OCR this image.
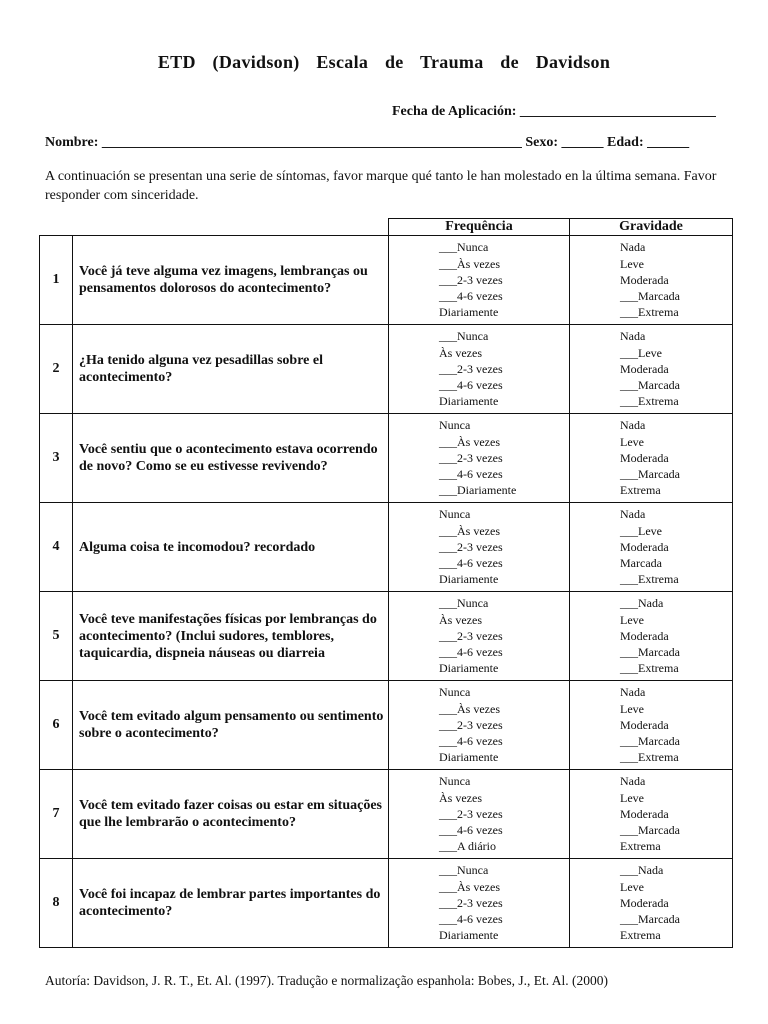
ETD (Davidson) Escala de Trauma de Davidson
Fecha de Aplicación: ____________________________
Nombre: ____________________________________________________________ Sexo: ______ Edad: ______
A continuación se presentan una serie de síntomas, favor marque qué tanto le han molestado en la última semana. Favor responder com sinceridade.
		Frequência	Gravidade
1	Você já teve alguma vez imagens, lembranças ou pensamentos dolorosos do acontecimento?	___Nunca
___Às vezes
___2-3 vezes
___4-6 vezes
Diariamente	Nada
Leve
Moderada
___Marcada
___Extrema

2	¿Ha tenido alguna vez pesadillas sobre el acontecimento?	___Nunca
Às vezes
___2-3 vezes
___4-6 vezes
Diariamente	Nada
___Leve
Moderada
___Marcada
___Extrema

3	Você sentiu que o acontecimento estava ocorrendo de novo? Como se eu estivesse revivendo?	Nunca
___Às vezes
___2-3 vezes
___4-6 vezes
___Diariamente	Nada
Leve
Moderada
___Marcada
Extrema

4	Alguma coisa te incomodou? recordado	Nunca
___Às vezes
___2-3 vezes
___4-6 vezes
Diariamente	Nada
___Leve
Moderada
Marcada
___Extrema

5	Você teve manifestações físicas por lembranças do acontecimento? (Inclui sudores, temblores, taquicardia, dispneia náuseas ou diarreia	___Nunca
Às vezes
___2-3 vezes
___4-6 vezes
Diariamente	___Nada
Leve
Moderada
___Marcada
___Extrema

6	Você tem evitado algum pensamento ou sentimento sobre o acontecimento?	Nunca
___Às vezes
___2-3 vezes
___4-6 vezes
Diariamente	Nada
Leve
Moderada
___Marcada
___Extrema

7	Você tem evitado fazer coisas ou estar em situações que lhe lembrarão o acontecimento?	Nunca
Às vezes
___2-3 vezes
___4-6 vezes
___A diário	Nada
Leve
Moderada
___Marcada
Extrema

8	Você foi incapaz de lembrar partes importantes do acontecimento?	___Nunca
___Às vezes
___2-3 vezes
___4-6 vezes
Diariamente	___Nada
Leve
Moderada
___Marcada
Extrema
Autoría: Davidson, J. R. T., Et. Al. (1997). Tradução e normalização espanhola: Bobes, J., Et. Al. (2000)
